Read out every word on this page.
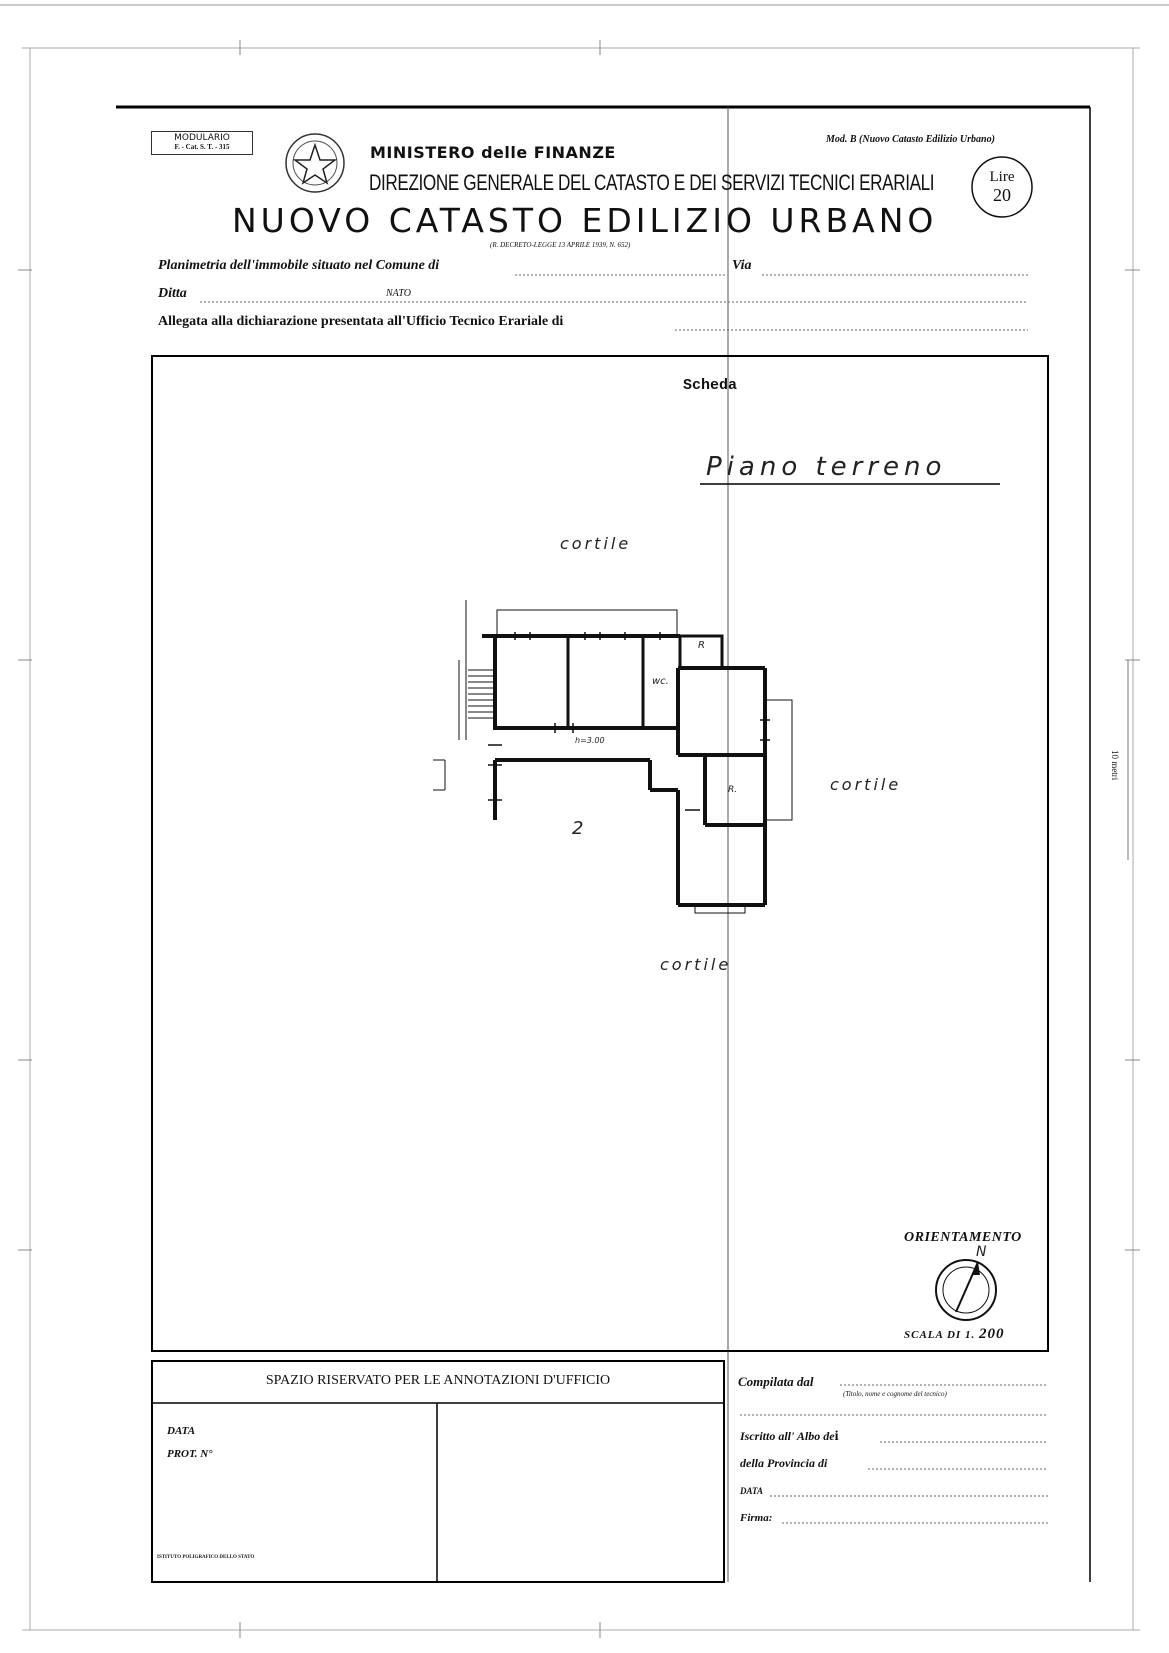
MODULARIO
F. - Cat. S. T. - 315	MINISTERO delle FINANZE
DIREZIONE GENERALE DEL CATASTO E DEI SERVIZI TECNICI ERARIALI
NUOVO CATASTO EDILIZIO URBANO
(R. DECRETO-LEGGE 13 APRILE 1939, N. 652)
Mod. B (Nuovo Catasto Edilizio Urbano)
Lire
20
Planimetria dell'immobile situato nel Comune di	Via
Ditta	NATO
Allegata alla dichiarazione presentata all'Ufficio Tecnico Erariale di
Scheda
Piano terreno
cortile
cortile
cortile
R
wc.
R.
h=3.00
2
ORIENTAMENTO
N
SCALA DI 1. 200
10 metri
SPAZIO RISERVATO PER LE ANNOTAZIONI D'UFFICIO
DATA
PROT. N°
Compilata dal
(Titolo, nome e cognome del tecnico)
Iscritto all' Albo dei
della Provincia di
DATA
Firma:
ISTITUTO POLIGRAFICO DELLO STATO
